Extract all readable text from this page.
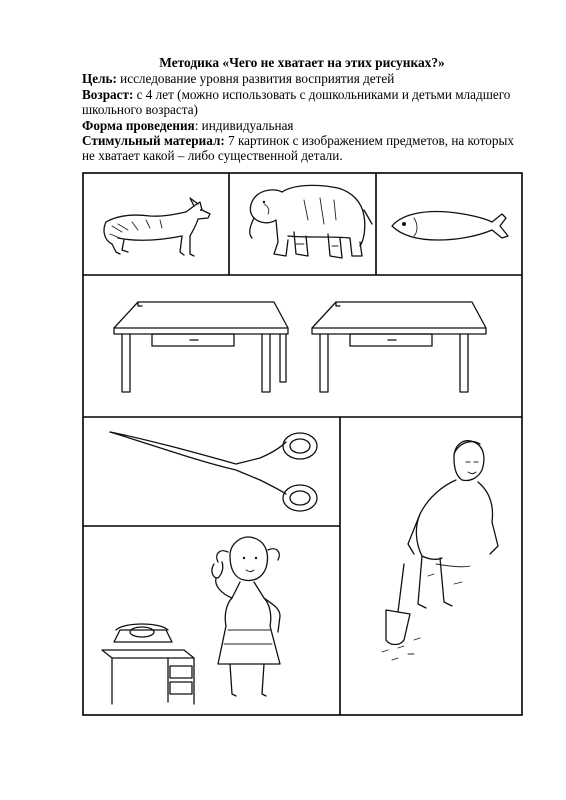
Методика «Чего не хватает на этих рисунках?»
Цель: исследование уровня развития восприятия детей
Возраст: с 4 лет (можно использовать с дошкольниками и детьми младшего
школьного возраста)
Форма проведения: индивидуальная
Стимульный материал: 7 картинок с изображением предметов, на которых
не хватает какой – либо существенной детали.
